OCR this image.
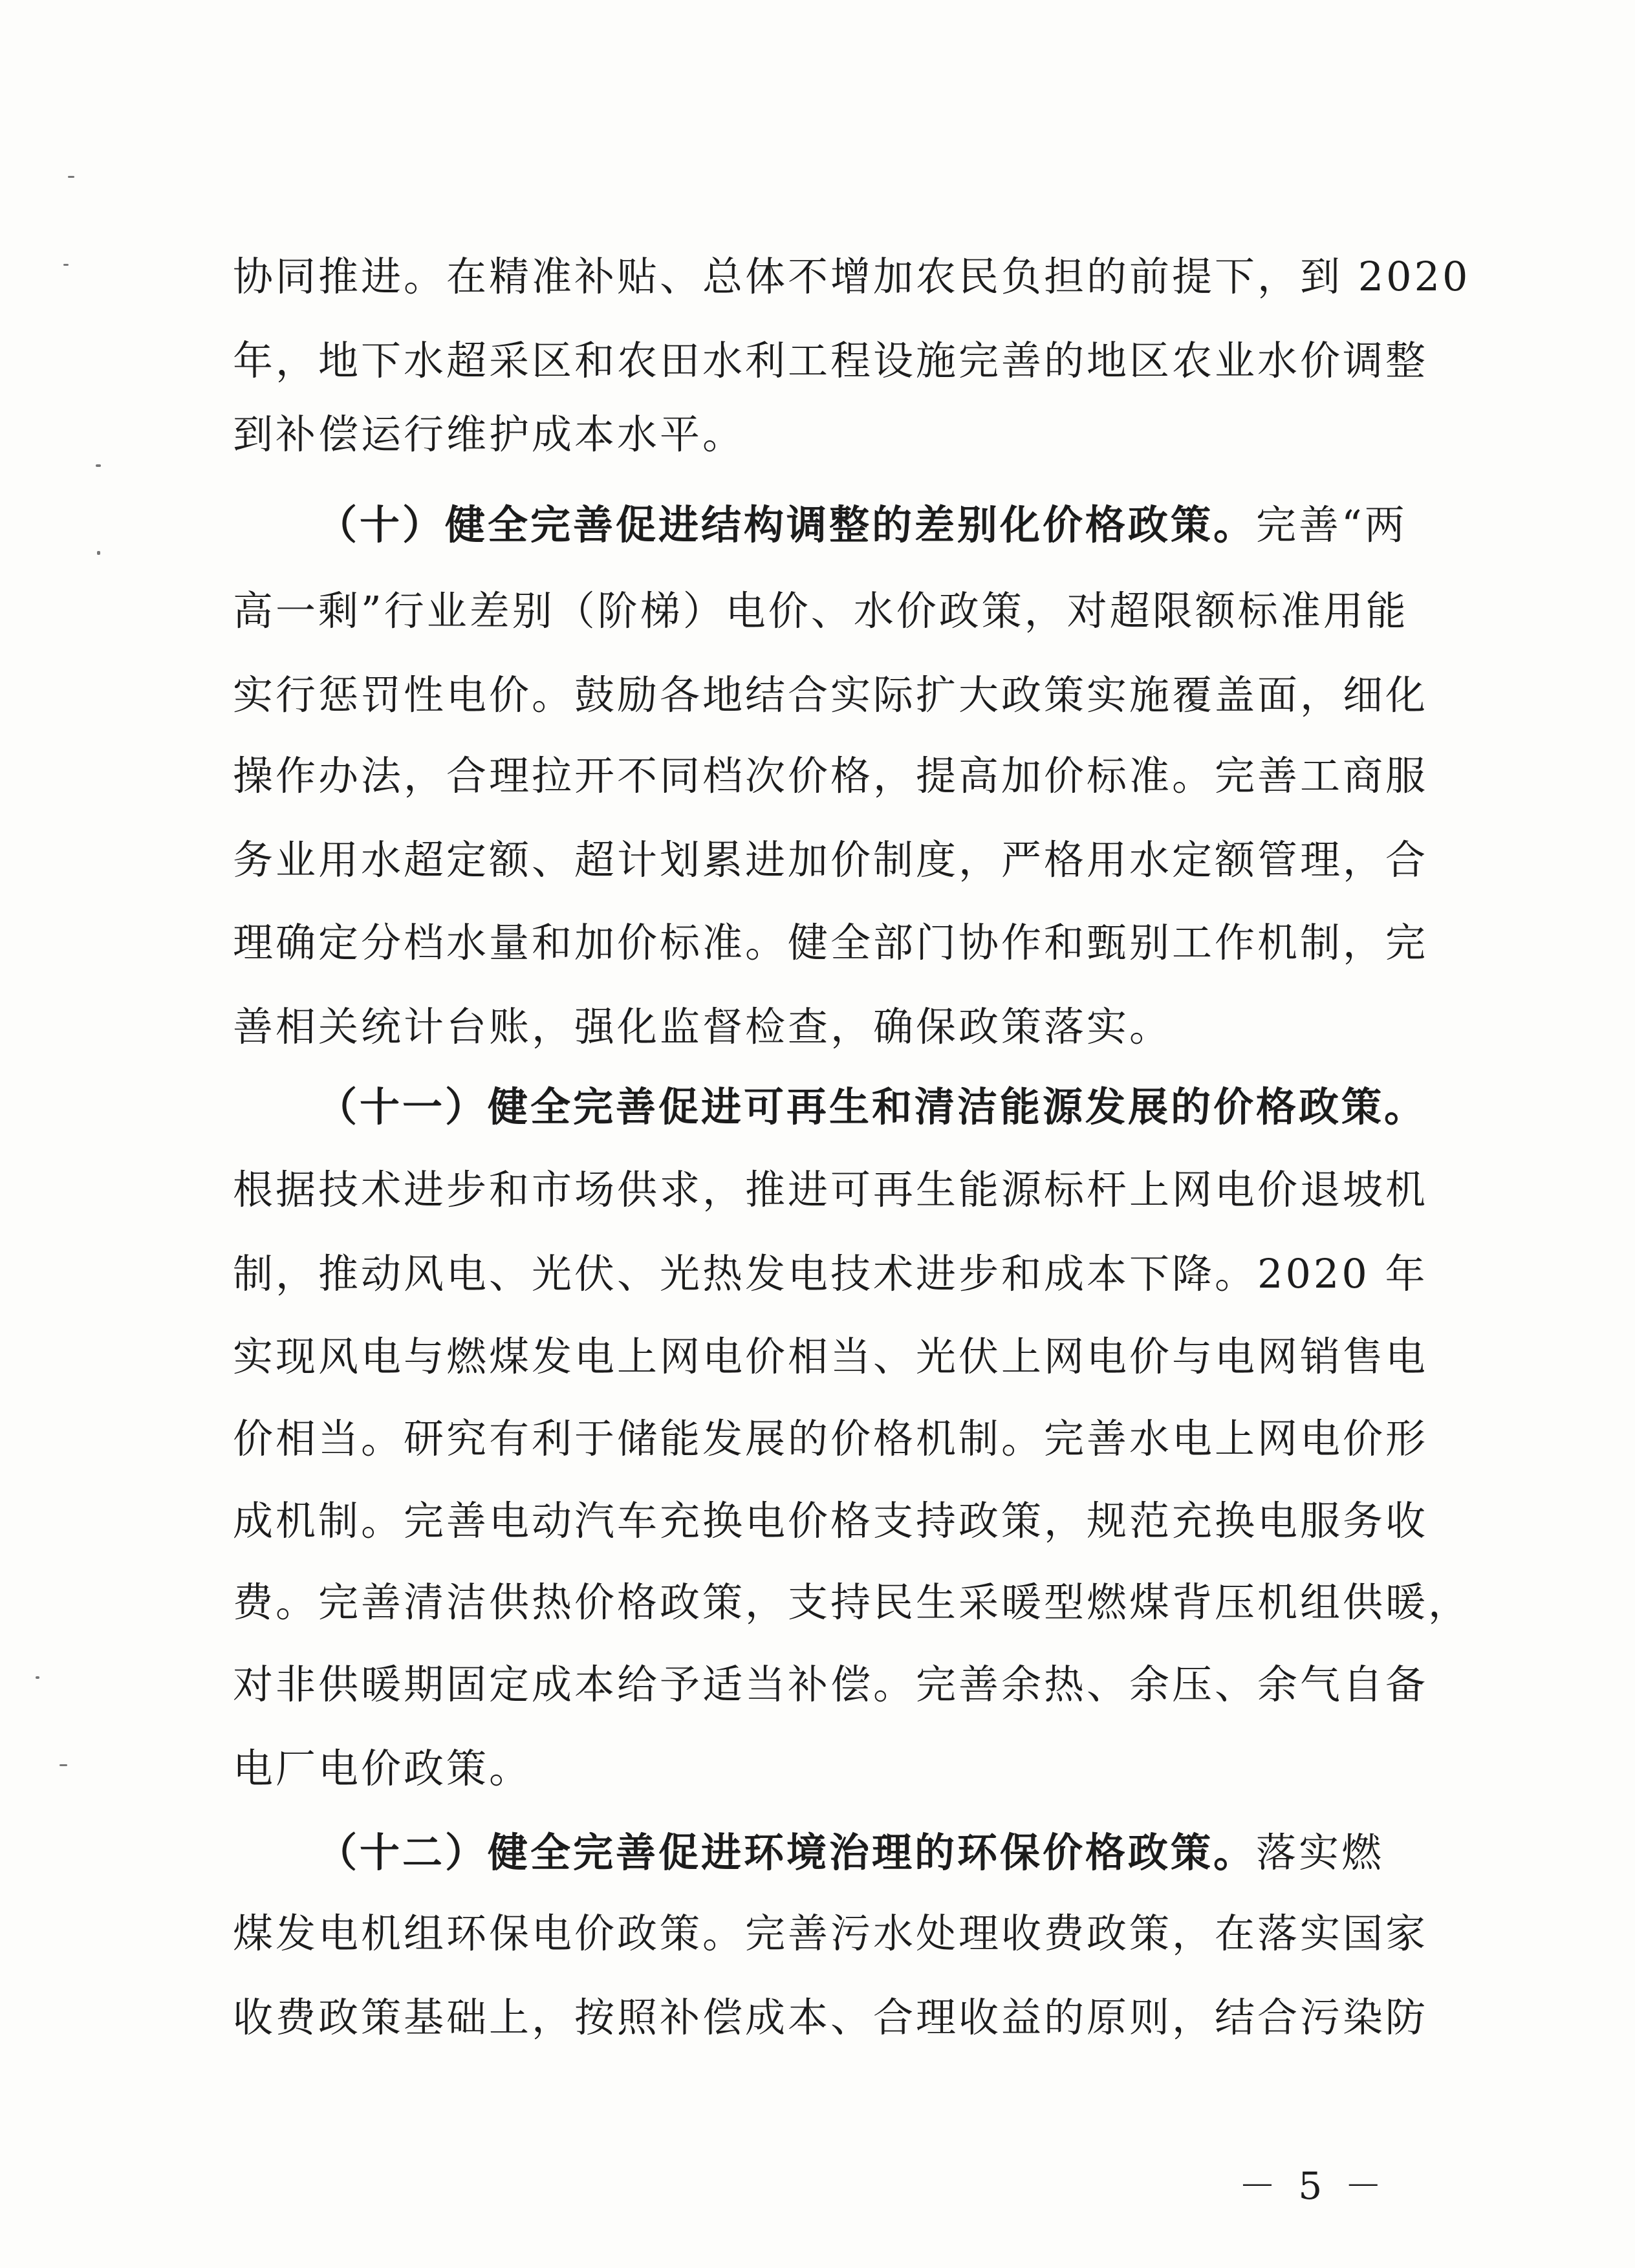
协同推进。在精准补贴、总体不增加农民负担的前提下，到 2020
年，地下水超采区和农田水利工程设施完善的地区农业水价调整
到补偿运行维护成本水平。
（十）健全完善促进结构调整的差别化价格政策。完善“两
高一剩”行业差别（阶梯）电价、水价政策，对超限额标准用能
实行惩罚性电价。鼓励各地结合实际扩大政策实施覆盖面，细化
操作办法，合理拉开不同档次价格，提高加价标准。完善工商服
务业用水超定额、超计划累进加价制度，严格用水定额管理，合
理确定分档水量和加价标准。健全部门协作和甄别工作机制，完
善相关统计台账，强化监督检查，确保政策落实。
（十一）健全完善促进可再生和清洁能源发展的价格政策。
根据技术进步和市场供求，推进可再生能源标杆上网电价退坡机
制，推动风电、光伏、光热发电技术进步和成本下降。2020 年
实现风电与燃煤发电上网电价相当、光伏上网电价与电网销售电
价相当。研究有利于储能发展的价格机制。完善水电上网电价形
成机制。完善电动汽车充换电价格支持政策，规范充换电服务收
费。完善清洁供热价格政策，支持民生采暖型燃煤背压机组供暖，
对非供暖期固定成本给予适当补偿。完善余热、余压、余气自备
电厂电价政策。
（十二）健全完善促进环境治理的环保价格政策。落实燃
煤发电机组环保电价政策。完善污水处理收费政策，在落实国家
收费政策基础上，按照补偿成本、合理收益的原则，结合污染防
－ 5 －
